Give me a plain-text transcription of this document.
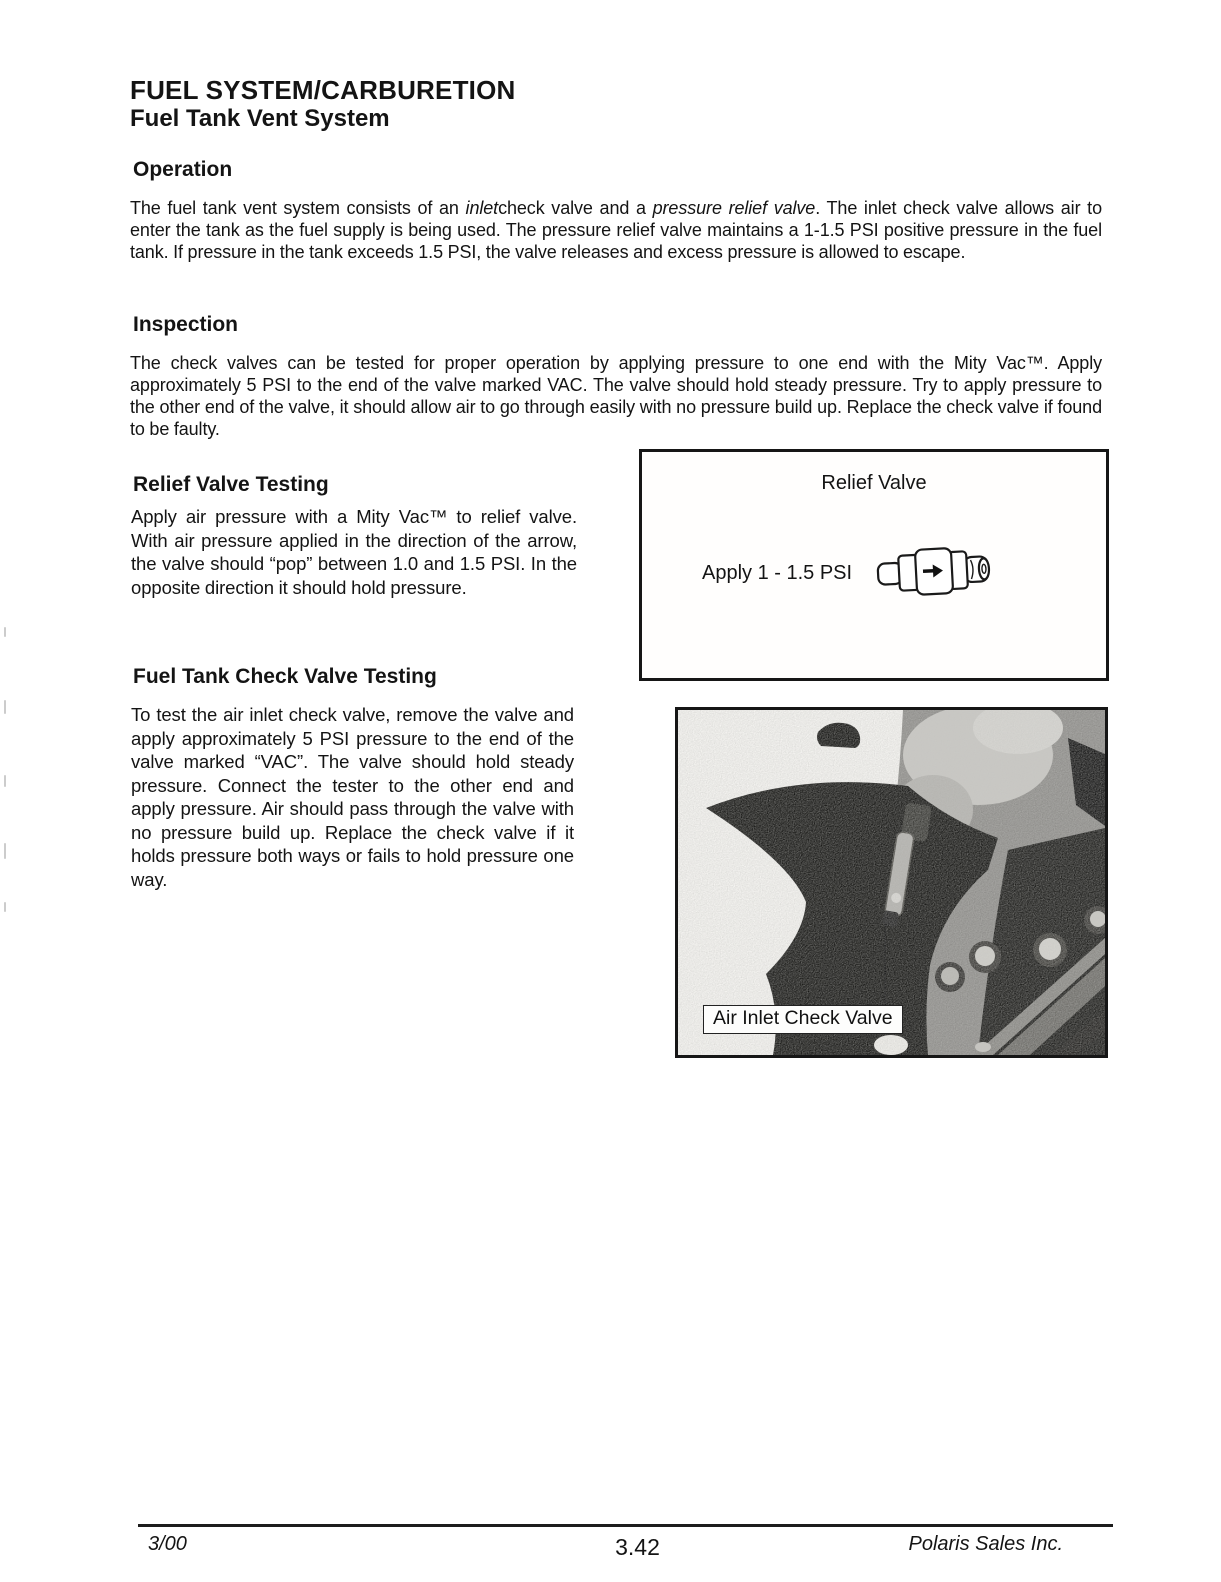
FUEL SYSTEM/CARBURETION
Fuel Tank Vent System
Operation
The fuel tank vent system consists of an inletcheck valve and a pressure relief valve. The inlet check valve allows air to enter the tank as the fuel supply is being used. The pressure relief valve maintains a 1-1.5 PSI positive pressure in the fuel tank. If pressure in the tank exceeds 1.5 PSI, the valve releases and excess pressure is allowed to escape.
Inspection
The check valves can be tested for proper operation by applying pressure to one end with the Mity Vac™. Apply approximately 5 PSI to the end of the valve marked VAC. The valve should hold steady pressure. Try to apply pressure to the other end of the valve, it should allow air to go through easily with no pressure build up. Replace the check valve if found to be faulty.
Relief Valve Testing
Apply air pressure with a Mity Vac™ to relief valve. With air pressure applied in the direction of the arrow, the valve should “pop” between 1.0 and 1.5 PSI. In the opposite direction it should hold pressure.
Fuel Tank Check Valve Testing
To test the air inlet check valve, remove the valve and apply approximately 5 PSI pressure to the end of the valve marked “VAC”. The valve should hold steady pressure. Connect the tester to the other end and apply pressure. Air should pass through the valve with no pressure build up. Replace the check valve if it holds pressure both ways or fails to hold pressure one way.
Relief Valve
Apply 1 - 1.5 PSI
Air Inlet Check Valve
3/00	3.42	Polaris Sales Inc.
